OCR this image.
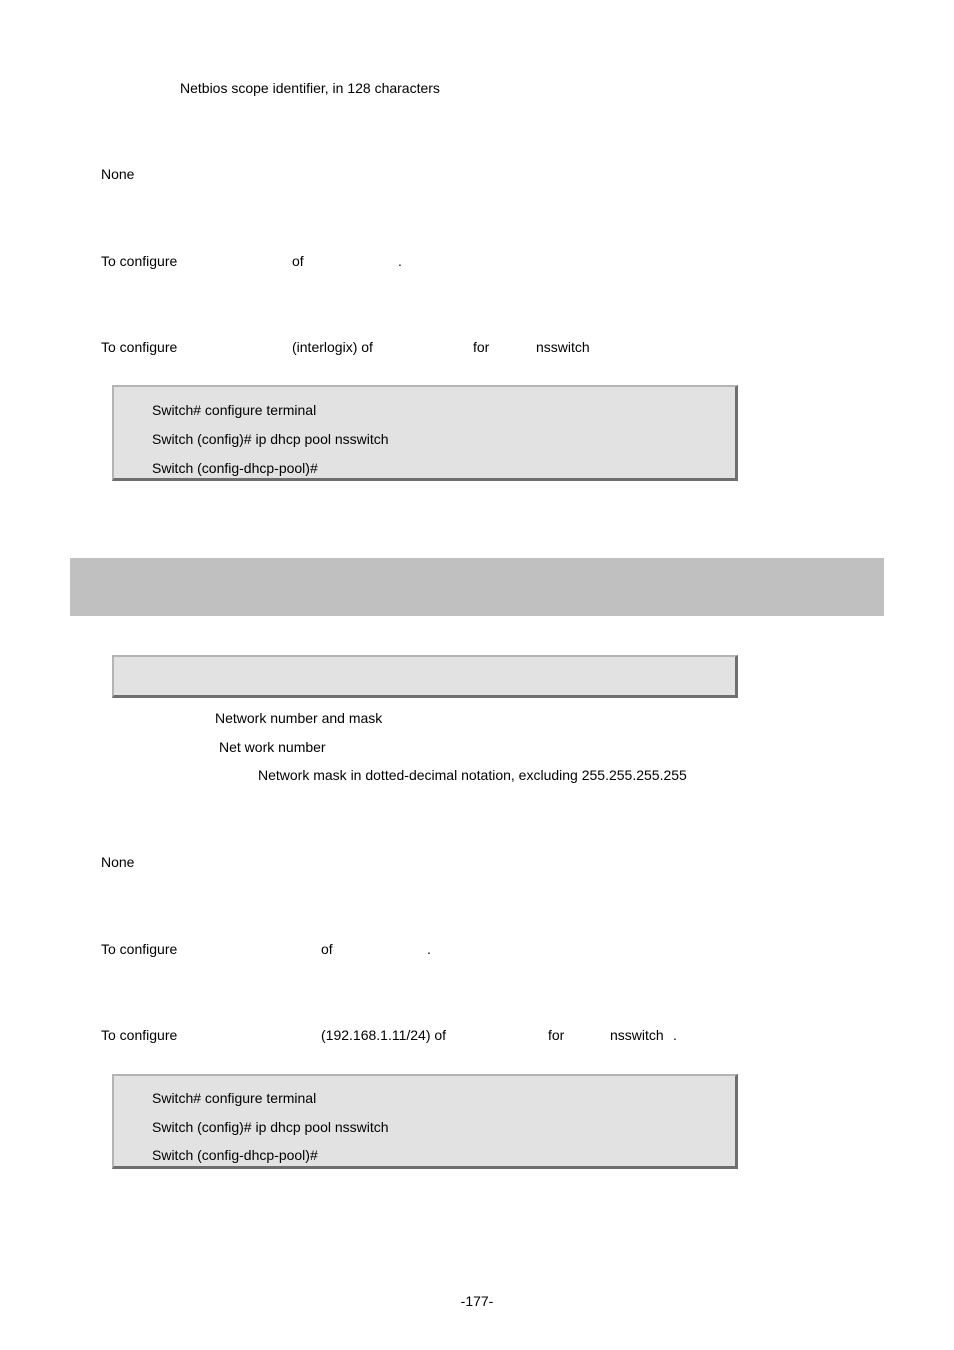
Netbios scope identifier, in 128 characters
None
To configure	of	.
To configure	(interlogix) of	for	nsswitch
Switch# configure terminal
Switch (config)# ip dhcp pool nsswitch
Switch (config-dhcp-pool)#
Network number and mask
Net work number
Network mask in dotted-decimal notation, excluding 255.255.255.255
None
To configure	of	.
To configure	(192.168.1.11/24) of	for	nsswitch .
Switch# configure terminal
Switch (config)# ip dhcp pool nsswitch
Switch (config-dhcp-pool)#
-177-
